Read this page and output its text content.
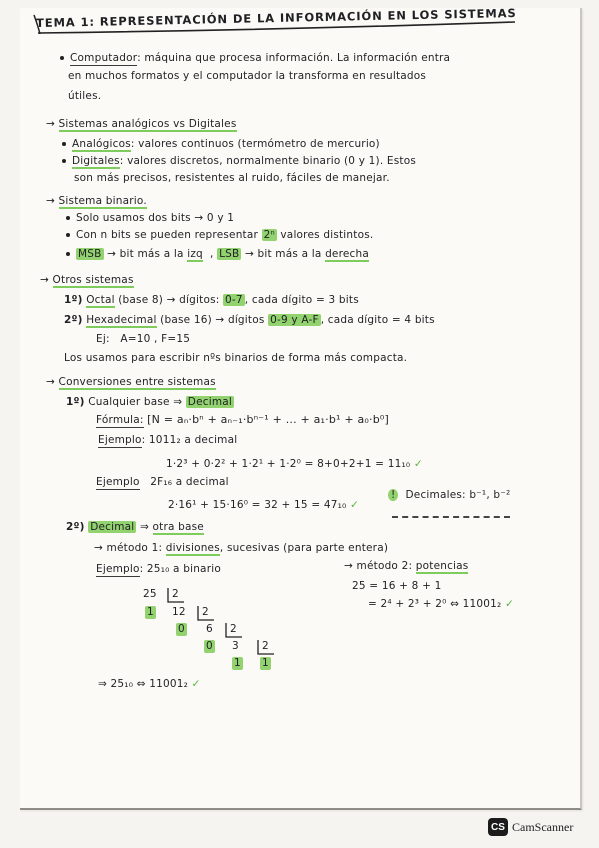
TEMA 1: REPRESENTACIÓN DE LA INFORMACIÓN EN LOS SISTEMAS
Computador: máquina que procesa información. La información entra
en muchos formatos y el computador la transforma en resultados
útiles.
→ Sistemas analógicos vs Digitales
Analógicos: valores continuos (termómetro de mercurio)
Digitales: valores discretos, normalmente binario (0 y 1). Estos
son más precisos, resistentes al ruido, fáciles de manejar.
→ Sistema binario.
Solo usamos dos bits → 0 y 1
Con n bits se pueden representar 2ⁿ valores distintos.
MSB → bit más a la izq  , LSB → bit más a la derecha
→ Otros sistemas
1º) Octal (base 8) → dígitos: 0-7 , cada dígito = 3 bits
2º) Hexadecimal (base 16) → dígitos 0-9 y A-F , cada dígito = 4 bits
Ej: A=10 , F=15
Los usamos para escribir nºs binarios de forma más compacta.
→ Conversiones entre sistemas
1º) Cualquier base ⇒ Decimal
Fórmula: [N = aₙ·bⁿ + aₙ₋₁·bⁿ⁻¹ + ... + a₁·b¹ + a₀·b⁰]
Ejemplo: 1011₂ a decimal
1·2³ + 0·2² + 1·2¹ + 1·2⁰ = 8+0+2+1 = 11₁₀ ✓
Ejemplo 2F₁₆ a decimal
2·16¹ + 15·16⁰ = 32 + 15 = 47₁₀ ✓
! Decimales: b⁻¹, b⁻²
2º) Decimal ⇒ otra base
→ método 1: divisiones, sucesivas (para parte entera)
Ejemplo: 25₁₀ a binario	→ método 2: potencias
25 = 16 + 8 + 1
= 2⁴ + 2³ + 2⁰ ⇔ 11001₂ ✓
25 2
1 12 2
0 6 2
0 3 2
1 1
⇒ 25₁₀ ⇔ 11001₂ ✓
CS CamScanner
